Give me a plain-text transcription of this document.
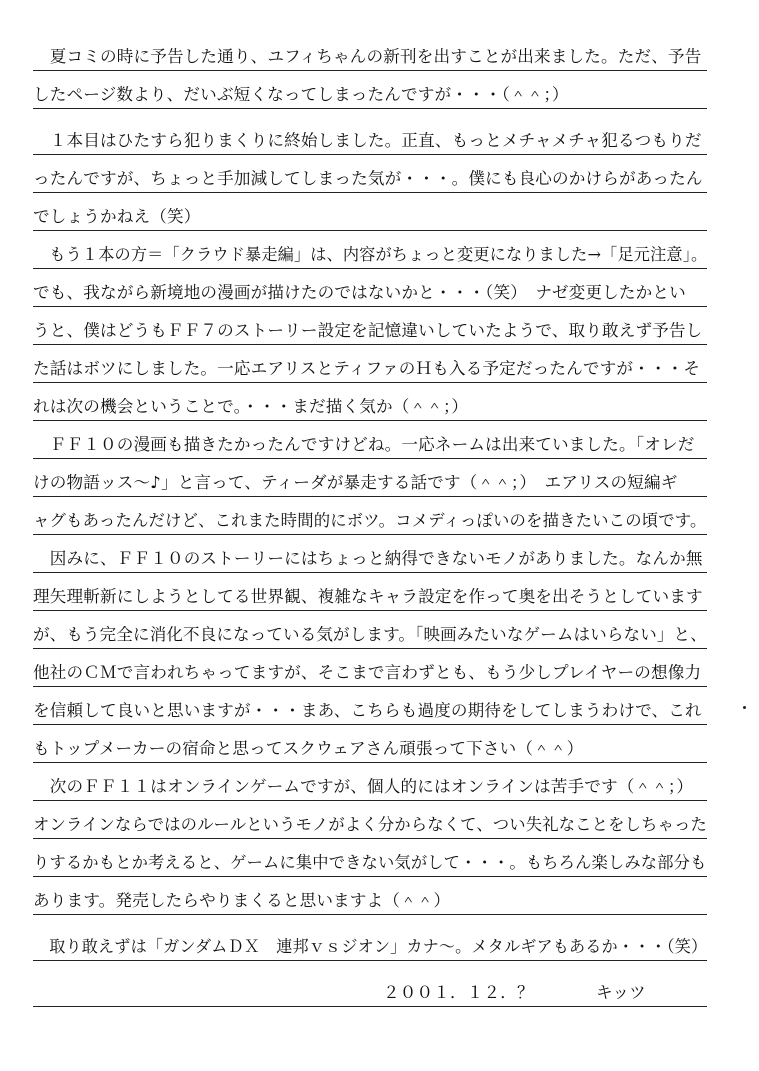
　夏コミの時に予告した通り、ユフィちゃんの新刊を出すことが出来ました。ただ、予告
したページ数より、だいぶ短くなってしまったんですが・・・（＾＾；）
　１本目はひたすら犯りまくりに終始しました。正直、もっとメチャメチャ犯るつもりだ
ったんですが、ちょっと手加減してしまった気が・・・。僕にも良心のかけらがあったん
でしょうかねえ（笑）
　もう１本の方＝「クラウド暴走編」は、内容がちょっと変更になりました→「足元注意」。
でも、我ながら新境地の漫画が描けたのではないかと・・・（笑）　ナゼ変更したかとい
うと、僕はどうもＦＦ７のストーリー設定を記憶違いしていたようで、取り敢えず予告し
た話はボツにしました。一応エアリスとティファのＨも入る予定だったんですが・・・そ
れは次の機会ということで。・・・まだ描く気か（＾＾；）
　ＦＦ１０の漫画も描きたかったんですけどね。一応ネームは出来ていました。「オレだ
けの物語ッス～♪」と言って、ティーダが暴走する話です（＾＾；）　エアリスの短編ギ
ャグもあったんだけど、これまた時間的にボツ。コメディっぽいのを描きたいこの頃です。
　因みに、ＦＦ１０のストーリーにはちょっと納得できないモノがありました。なんか無
理矢理斬新にしようとしてる世界観、複雑なキャラ設定を作って奥を出そうとしています
が、もう完全に消化不良になっている気がします。「映画みたいなゲームはいらない」と、
他社のＣＭで言われちゃってますが、そこまで言わずとも、もう少しプレイヤーの想像力
を信頼して良いと思いますが・・・まあ、こちらも過度の期待をしてしまうわけで、これ
もトップメーカーの宿命と思ってスクウェアさん頑張って下さい（＾＾）
　次のＦＦ１１はオンラインゲームですが、個人的にはオンラインは苦手です（＾＾；）
オンラインならではのルールというモノがよく分からなくて、つい失礼なことをしちゃった
りするかもとか考えると、ゲームに集中できない気がして・・・。もちろん楽しみな部分も
あります。発売したらやりまくると思いますよ（＾＾）
　取り敢えずは「ガンダムＤＸ　連邦ｖｓジオン」カナ～。メタルギアもあるか・・・（笑）
２００１．１２．？	キッツ
